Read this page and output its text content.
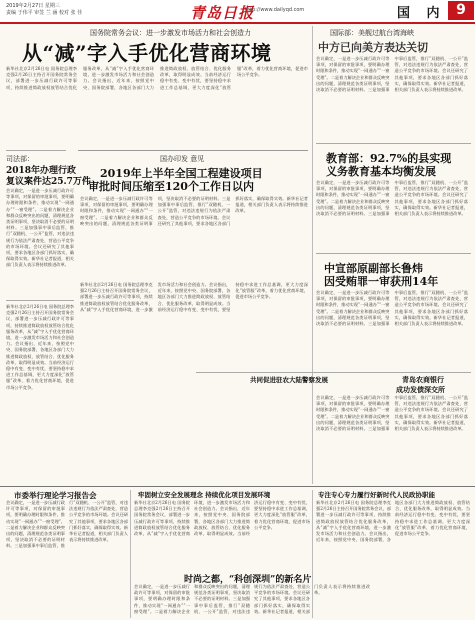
2019年2月27日 星期三
责编 于伟平 审签 兰 涵 校对 张 佳	青岛日报
http://www.dailyqd.com	国 内 9
国务院常务会议：进一步激发市场活力和社会创造力
从“减”字入手优化营商环境
新华社北京2月26日电 国务院总理李克强2月26日主持召开国务院常务会议，部署进一步压减行政许可等事项，持续推进简政放权放管结合优化服务改革，从“减”字入手优化营商环境，进一步激发市场活力和社会创造力。会议指出，近年来，按照党中央、国务院部署，各地区各部门大力推进简政放权、放管结合、优化服务改革，取得明显成效。当前经济运行稳中有变、变中有忧，要坚持稳中求进工作总基调，更大力度深化“放管服”改革，着力优化营商环境，促进市场公平竞争。
国际部：美舰过航台湾海峡
中方已向美方表达关切
会议确定，一是进一步压减行政许可等事项，对保留的审批事项，要明确办理时限和条件，推动实现“一网通办”“一窗受理”。二是着力解决企业和群众反映突出的问题，清理规范各类证明事项，坚决取消不必要的证明材料。三是加强事中事后监管，推行“双随机、一公开”监管，对违法违规行为依法严肃查处，营造公平竞争的市场环境。会议还研究了其他事项，要求各地区各部门抓好落实，确保取得实效。新华社记者报道，相关部门负责人表示将持续推进改革。
教育部：92.7%的县实现
义务教育基本均衡发展
会议确定，一是进一步压减行政许可等事项，对保留的审批事项，要明确办理时限和条件，推动实现“一网通办”“一窗受理”。二是着力解决企业和群众反映突出的问题，清理规范各类证明事项，坚决取消不必要的证明材料。三是加强事中事后监管，推行“双随机、一公开”监管，对违法违规行为依法严肃查处，营造公平竞争的市场环境。会议还研究了其他事项，要求各地区各部门抓好落实，确保取得实效。新华社记者报道，相关部门负责人表示将持续推进改革。
中宣部原副部长鲁炜
因受贿罪一审获刑14年
会议确定，一是进一步压减行政许可等事项，对保留的审批事项，要明确办理时限和条件，推动实现“一网通办”“一窗受理”。二是着力解决企业和群众反映突出的问题，清理规范各类证明事项，坚决取消不必要的证明材料。三是加强事中事后监管，推行“双随机、一公开”监管，对违法违规行为依法严肃查处，营造公平竞争的市场环境。会议还研究了其他事项，要求各地区各部门抓好落实，确保取得实效。新华社记者报道，相关部门负责人表示将持续推进改革。
司法部：
2018年办理行政
复议案件达25.7万件
会议确定，一是进一步压减行政许可等事项，对保留的审批事项，要明确办理时限和条件，推动实现“一网通办”“一窗受理”。二是着力解决企业和群众反映突出的问题，清理规范各类证明事项，坚决取消不必要的证明材料。三是加强事中事后监管，推行“双随机、一公开”监管，对违法违规行为依法严肃查处，营造公平竞争的市场环境。会议还研究了其他事项，要求各地区各部门抓好落实，确保取得实效。新华社记者报道，相关部门负责人表示将持续推进改革。
新华社北京2月26日电 国务院总理李克强2月26日主持召开国务院常务会议，部署进一步压减行政许可等事项，持续推进简政放权放管结合优化服务改革，从“减”字入手优化营商环境，进一步激发市场活力和社会创造力。会议指出，近年来，按照党中央、国务院部署，各地区各部门大力推进简政放权、放管结合、优化服务改革，取得明显成效。当前经济运行稳中有变、变中有忧，要坚持稳中求进工作总基调，更大力度深化“放管服”改革，着力优化营商环境，促进市场公平竞争。
国办印发 意见
2019年上半年全国工程建设项目
审批时间压缩至120个工作日以内
会议确定，一是进一步压减行政许可等事项，对保留的审批事项，要明确办理时限和条件，推动实现“一网通办”“一窗受理”。二是着力解决企业和群众反映突出的问题，清理规范各类证明事项，坚决取消不必要的证明材料。三是加强事中事后监管，推行“双随机、一公开”监管，对违法违规行为依法严肃查处，营造公平竞争的市场环境。会议还研究了其他事项，要求各地区各部门抓好落实，确保取得实效。新华社记者报道，相关部门负责人表示将持续推进改革。
新华社北京2月26日电 国务院总理李克强2月26日主持召开国务院常务会议，部署进一步压减行政许可等事项，持续推进简政放权放管结合优化服务改革，从“减”字入手优化营商环境，进一步激发市场活力和社会创造力。会议指出，近年来，按照党中央、国务院部署，各地区各部门大力推进简政放权、放管结合、优化服务改革，取得明显成效。当前经济运行稳中有变、变中有忧，要坚持稳中求进工作总基调，更大力度深化“放管服”改革，着力优化营商环境，促进市场公平竞争。
共同促进驻农大陆警察发展	青岛农商银行
成功发债深交所
会议确定，一是进一步压减行政许可等事项，对保留的审批事项，要明确办理时限和条件，推动实现“一网通办”“一窗受理”。二是着力解决企业和群众反映突出的问题，清理规范各类证明事项，坚决取消不必要的证明材料。三是加强事中事后监管，推行“双随机、一公开”监管，对违法违规行为依法严肃查处，营造公平竞争的市场环境。会议还研究了其他事项，要求各地区各部门抓好落实，确保取得实效。新华社记者报道，相关部门负责人表示将持续推进改革。
市委举行理论学习报告会	牢固树立安全发展理念 持续优化项目发展环境	专注专心专力履行好新时代人民政协职能
会议确定，一是进一步压减行政许可等事项，对保留的审批事项，要明确办理时限和条件，推动实现“一网通办”“一窗受理”。二是着力解决企业和群众反映突出的问题，清理规范各类证明事项，坚决取消不必要的证明材料。三是加强事中事后监管，推行“双随机、一公开”监管，对违法违规行为依法严肃查处，营造公平竞争的市场环境。会议还研究了其他事项，要求各地区各部门抓好落实，确保取得实效。新华社记者报道，相关部门负责人表示将持续推进改革。
新华社北京2月26日电 国务院总理李克强2月26日主持召开国务院常务会议，部署进一步压减行政许可等事项，持续推进简政放权放管结合优化服务改革，从“减”字入手优化营商环境，进一步激发市场活力和社会创造力。会议指出，近年来，按照党中央、国务院部署，各地区各部门大力推进简政放权、放管结合、优化服务改革，取得明显成效。当前经济运行稳中有变、变中有忧，要坚持稳中求进工作总基调，更大力度深化“放管服”改革，着力优化营商环境，促进市场公平竞争。
时尚之都，“科创深圳”的新名片
会议确定，一是进一步压减行政许可等事项，对保留的审批事项，要明确办理时限和条件，推动实现“一网通办”“一窗受理”。二是着力解决企业和群众反映突出的问题，清理规范各类证明事项，坚决取消不必要的证明材料。三是加强事中事后监管，推行“双随机、一公开”监管，对违法违规行为依法严肃查处，营造公平竞争的市场环境。会议还研究了其他事项，要求各地区各部门抓好落实，确保取得实效。新华社记者报道，相关部门负责人表示将持续推进改革。
新华社北京2月26日电 国务院总理李克强2月26日主持召开国务院常务会议，部署进一步压减行政许可等事项，持续推进简政放权放管结合优化服务改革，从“减”字入手优化营商环境，进一步激发市场活力和社会创造力。会议指出，近年来，按照党中央、国务院部署，各地区各部门大力推进简政放权、放管结合、优化服务改革，取得明显成效。当前经济运行稳中有变、变中有忧，要坚持稳中求进工作总基调，更大力度深化“放管服”改革，着力优化营商环境，促进市场公平竞争。
